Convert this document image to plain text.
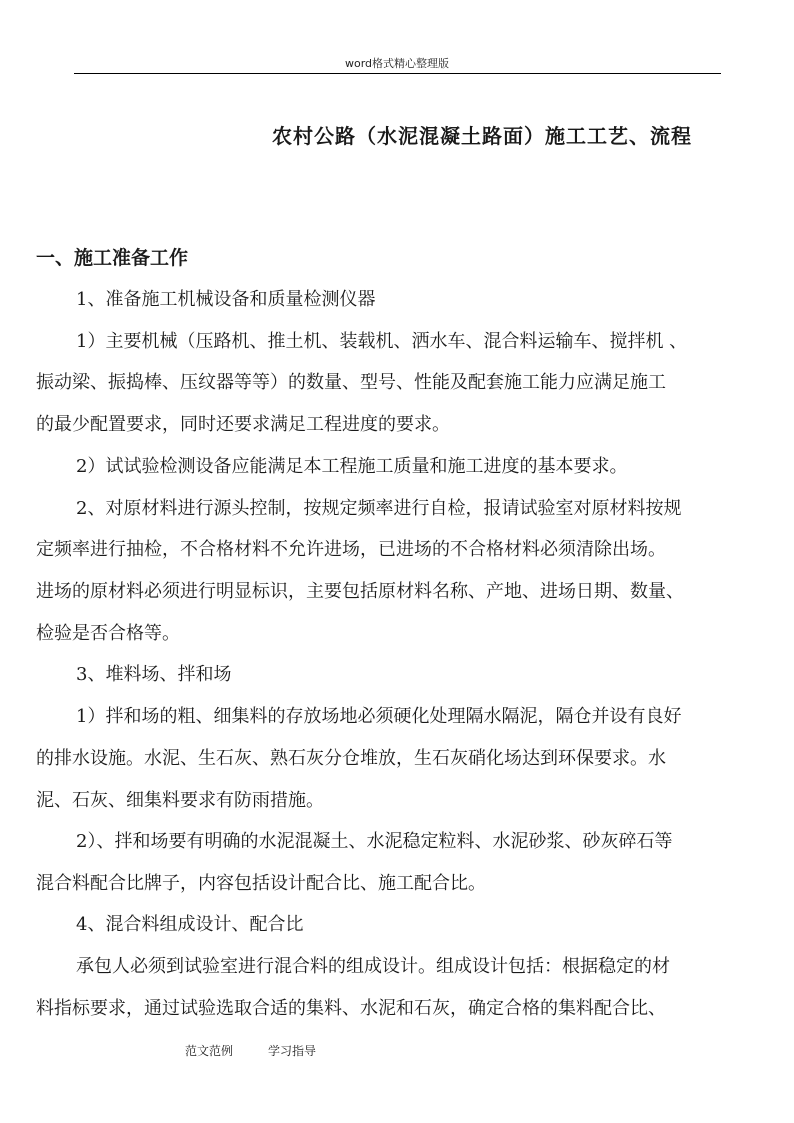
word格式精心整理版
农村公路（水泥混凝土路面）施工工艺、流程
一、施工准备工作
1、准备施工机械设备和质量检测仪器
1）主要机械（压路机、推土机、装载机、洒水车、混合料运输车、搅拌机 、
振动梁、振捣棒、压纹器等等）的数量、型号、性能及配套施工能力应满足施工
的最少配置要求，同时还要求满足工程进度的要求。
2）试试验检测设备应能满足本工程施工质量和施工进度的基本要求。
2、对原材料进行源头控制，按规定频率进行自检，报请试验室对原材料按规
定频率进行抽检，不合格材料不允许进场，已进场的不合格材料必须清除出场。
进场的原材料必须进行明显标识，主要包括原材料名称、产地、进场日期、数量、
检验是否合格等。
3、堆料场、拌和场
1）拌和场的粗、细集料的存放场地必须硬化处理隔水隔泥，隔仓并设有良好
的排水设施。水泥、生石灰、熟石灰分仓堆放，生石灰硝化场达到环保要求。水
泥、石灰、细集料要求有防雨措施。
2）、拌和场要有明确的水泥混凝土、水泥稳定粒料、水泥砂浆、砂灰碎石等
混合料配合比牌子，内容包括设计配合比、施工配合比。
4、混合料组成设计、配合比
承包人必须到试验室进行混合料的组成设计。组成设计包括：根据稳定的材
料指标要求，通过试验选取合适的集料、水泥和石灰，确定合格的集料配合比、
范文范例	学习指导
